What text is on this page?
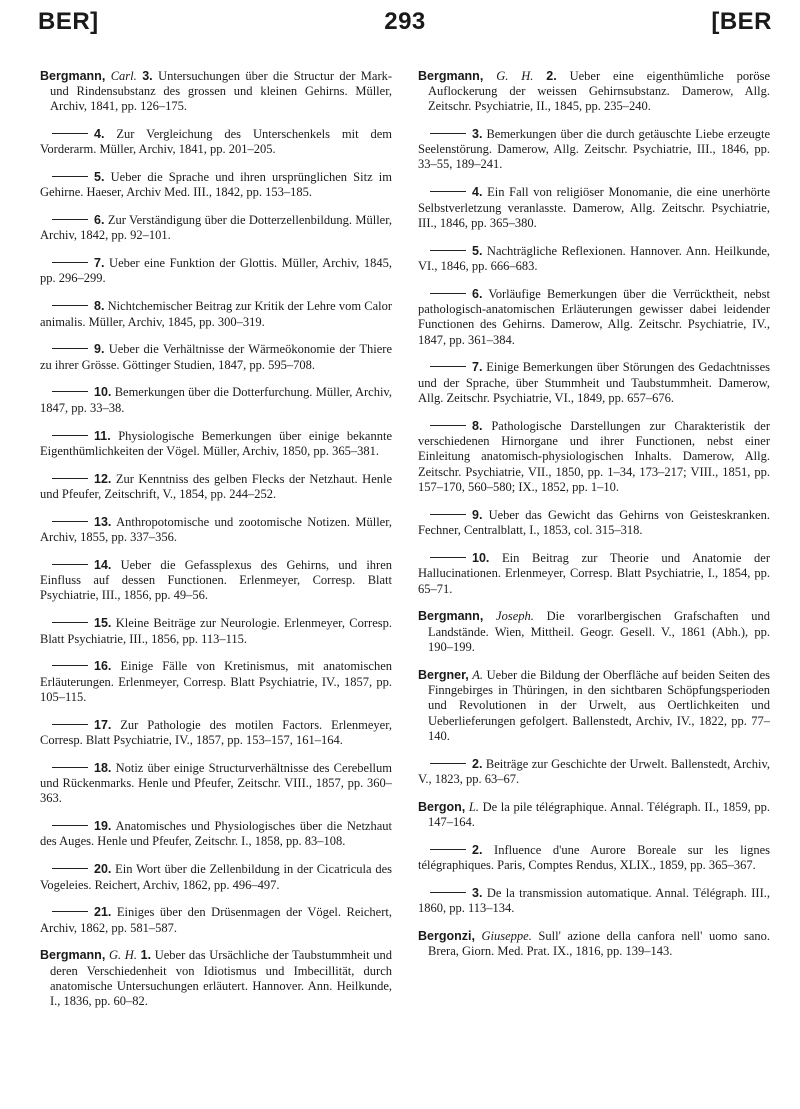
BER]	293	[BER

Bergmann, Carl. 3. Untersuchungen über die Structur der Mark- und Rindensubstanz des grossen und kleinen Gehirns. Müller, Archiv, 1841, pp. 126–175.

4. Zur Vergleichung des Unterschenkels mit dem Vorderarm. Müller, Archiv, 1841, pp. 201–205.

5. Ueber die Sprache und ihren ursprünglichen Sitz im Gehirne. Haeser, Archiv Med. III., 1842, pp. 153–185.

6. Zur Verständigung über die Dotterzellenbildung. Müller, Archiv, 1842, pp. 92–101.

7. Ueber eine Funktion der Glottis. Müller, Archiv, 1845, pp. 296–299.

8. Nichtchemischer Beitrag zur Kritik der Lehre vom Calor animalis. Müller, Archiv, 1845, pp. 300–319.

9. Ueber die Verhältnisse der Wärmeökonomie der Thiere zu ihrer Grösse. Göttinger Studien, 1847, pp. 595–708.

10. Bemerkungen über die Dotterfurchung. Müller, Archiv, 1847, pp. 33–38.

11. Physiologische Bemerkungen über einige bekannte Eigenthümlichkeiten der Vögel. Müller, Archiv, 1850, pp. 365–381.

12. Zur Kenntniss des gelben Flecks der Netzhaut. Henle und Pfeufer, Zeitschrift, V., 1854, pp. 244–252.

13. Anthropotomische und zootomische Notizen. Müller, Archiv, 1855, pp. 337–356.

14. Ueber die Gefassplexus des Gehirns, und ihren Einfluss auf dessen Functionen. Erlenmeyer, Corresp. Blatt Psychiatrie, III., 1856, pp. 49–56.

15. Kleine Beiträge zur Neurologie. Erlenmeyer, Corresp. Blatt Psychiatrie, III., 1856, pp. 113–115.

16. Einige Fälle von Kretinismus, mit anatomischen Erläuterungen. Erlenmeyer, Corresp. Blatt Psychiatrie, IV., 1857, pp. 105–115.

17. Zur Pathologie des motilen Factors. Erlenmeyer, Corresp. Blatt Psychiatrie, IV., 1857, pp. 153–157, 161–164.

18. Notiz über einige Structurverhältnisse des Cerebellum und Rückenmarks. Henle und Pfeufer, Zeitschr. VIII., 1857, pp. 360–363.

19. Anatomisches und Physiologisches über die Netzhaut des Auges. Henle und Pfeufer, Zeitschr. I., 1858, pp. 83–108.

20. Ein Wort über die Zellenbildung in der Cicatricula des Vogeleies. Reichert, Archiv, 1862, pp. 496–497.

21. Einiges über den Drüsenmagen der Vögel. Reichert, Archiv, 1862, pp. 581–587.

Bergmann, G. H. 1. Ueber das Ursächliche der Taubstummheit und deren Verschiedenheit von Idiotismus und Imbecillität, durch anatomische Untersuchungen erläutert. Hannover. Ann. Heilkunde, I., 1836, pp. 60–82.

Bergmann, G. H. 2. Ueber eine eigenthümliche poröse Auflockerung der weissen Gehirnsubstanz. Damerow, Allg. Zeitschr. Psychiatrie, II., 1845, pp. 235–240.

3. Bemerkungen über die durch getäuschte Liebe erzeugte Seelenstörung. Damerow, Allg. Zeitschr. Psychiatrie, III., 1846, pp. 33–55, 189–241.

4. Ein Fall von religiöser Monomanie, die eine unerhörte Selbstverletzung veranlasste. Damerow, Allg. Zeitschr. Psychiatrie, III., 1846, pp. 365–380.

5. Nachträgliche Reflexionen. Hannover. Ann. Heilkunde, VI., 1846, pp. 666–683.

6. Vorläufige Bemerkungen über die Verrücktheit, nebst pathologisch-anatomischen Erläuterungen gewisser dabei leidender Functionen des Gehirns. Damerow, Allg. Zeitschr. Psychiatrie, IV., 1847, pp. 361–384.

7. Einige Bemerkungen über Störungen des Gedachtnisses und der Sprache, über Stummheit und Taubstummheit. Damerow, Allg. Zeitschr. Psychiatrie, VI., 1849, pp. 657–676.

8. Pathologische Darstellungen zur Charakteristik der verschiedenen Hirnorgane und ihrer Functionen, nebst einer Einleitung anatomisch-physiologischen Inhalts. Damerow, Allg. Zeitschr. Psychiatrie, VII., 1850, pp. 1–34, 173–217; VIII., 1851, pp. 157–170, 560–580; IX., 1852, pp. 1–10.

9. Ueber das Gewicht das Gehirns von Geisteskranken. Fechner, Centralblatt, I., 1853, col. 315–318.

10. Ein Beitrag zur Theorie und Anatomie der Hallucinationen. Erlenmeyer, Corresp. Blatt Psychiatrie, I., 1854, pp. 65–71.

Bergmann, Joseph. Die vorarlbergischen Grafschaften und Landstände. Wien, Mittheil. Geogr. Gesell. V., 1861 (Abh.), pp. 190–199.

Bergner, A. Ueber die Bildung der Oberfläche auf beiden Seiten des Finngebirges in Thüringen, in den sichtbaren Schöpfungsperioden und Revolutionen in der Urwelt, aus Oertlichkeiten und Ueberlieferungen gefolgert. Ballenstedt, Archiv, IV., 1822, pp. 77–140.

2. Beiträge zur Geschichte der Urwelt. Ballenstedt, Archiv, V., 1823, pp. 63–67.

Bergon, L. De la pile télégraphique. Annal. Télégraph. II., 1859, pp. 147–164.

2. Influence d'une Aurore Boreale sur les lignes télégraphiques. Paris, Comptes Rendus, XLIX., 1859, pp. 365–367.

3. De la transmission automatique. Annal. Télégraph. III., 1860, pp. 113–134.

Bergonzi, Giuseppe. Sull' azione della canfora nell' uomo sano. Brera, Giorn. Med. Prat. IX., 1816, pp. 139–143.
